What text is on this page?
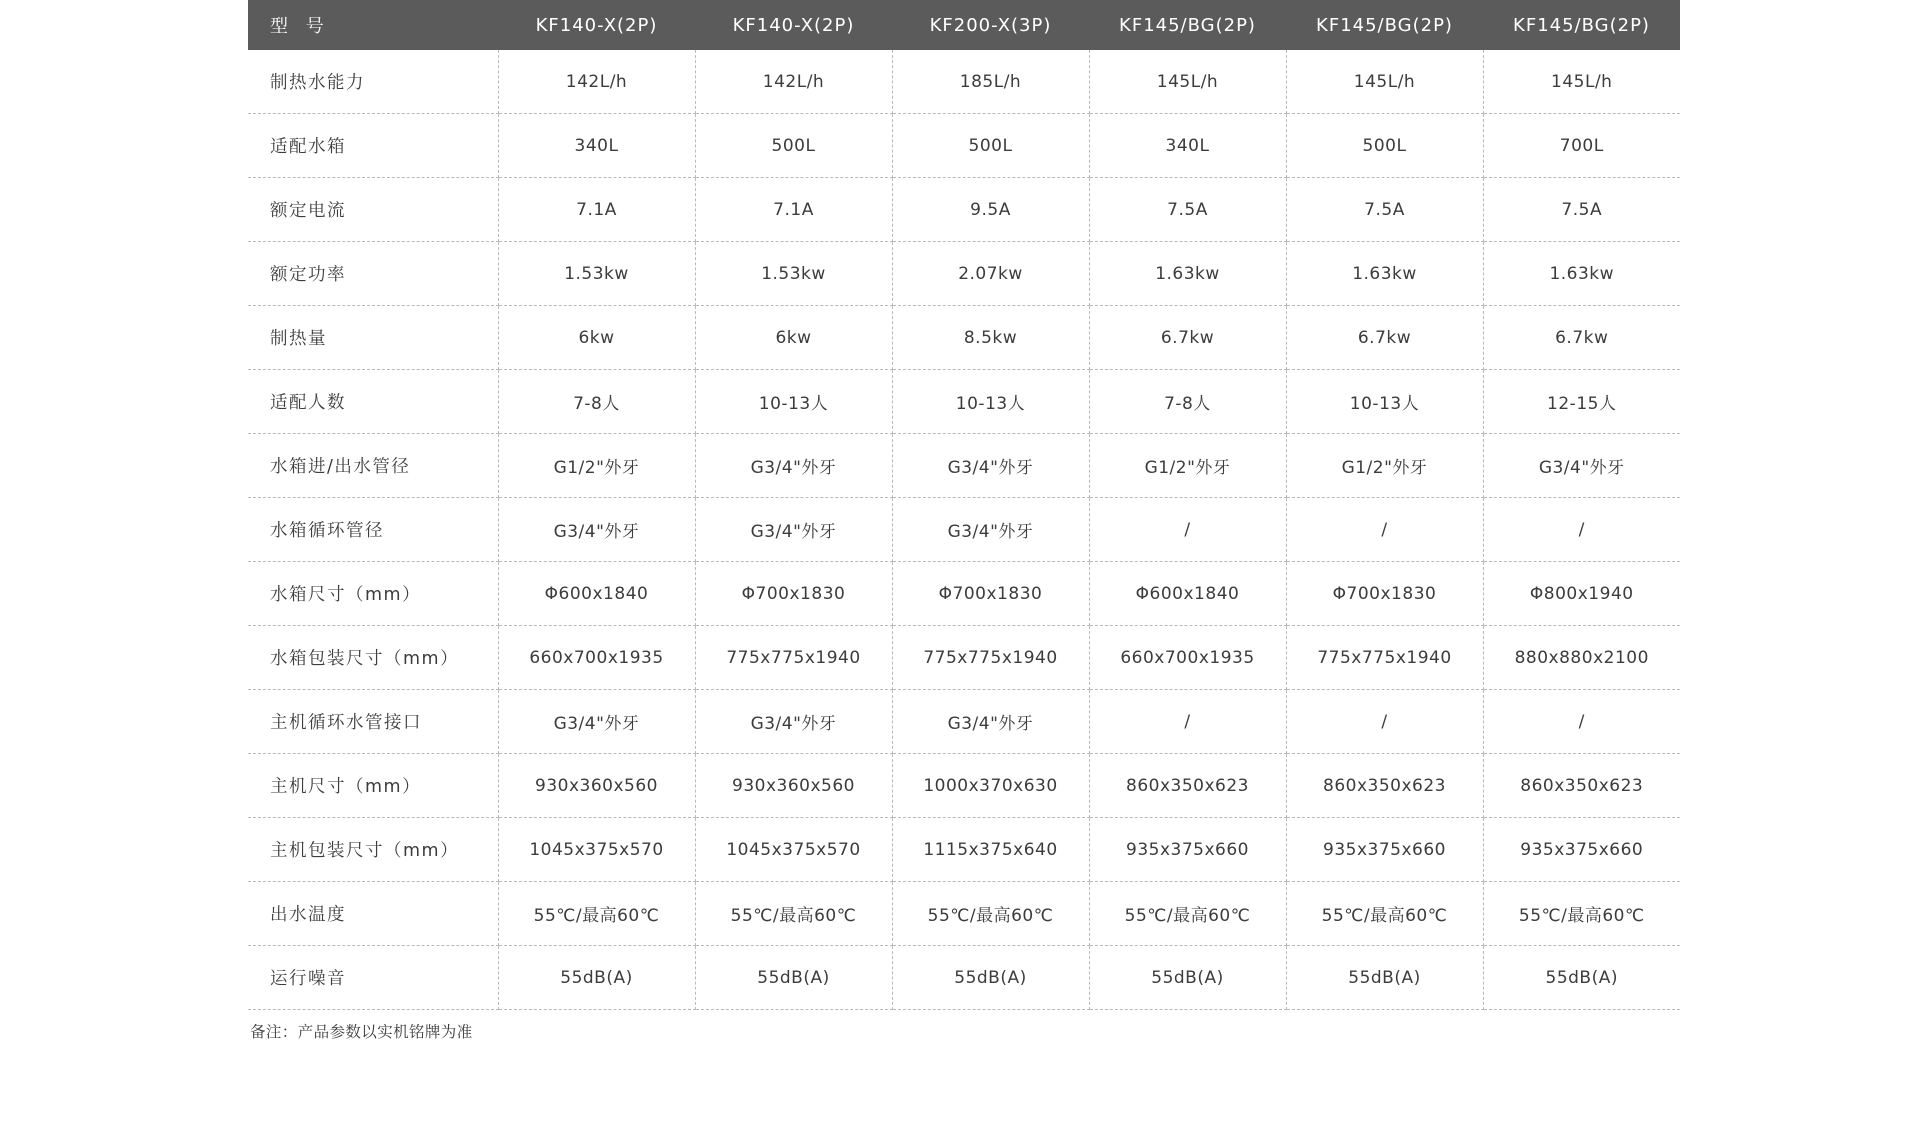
型 号	KF140-X(2P)	KF140-X(2P)	KF200-X(3P)	KF145/BG(2P)	KF145/BG(2P)	KF145/BG(2P)
制热水能力	142L/h	142L/h	185L/h	145L/h	145L/h	145L/h
适配水箱	340L	500L	500L	340L	500L	700L
额定电流	7.1A	7.1A	9.5A	7.5A	7.5A	7.5A
额定功率	1.53kw	1.53kw	2.07kw	1.63kw	1.63kw	1.63kw
制热量	6kw	6kw	8.5kw	6.7kw	6.7kw	6.7kw
适配人数	7-8人	10-13人	10-13人	7-8人	10-13人	12-15人
水箱进/出水管径	G1/2"外牙	G3/4"外牙	G3/4"外牙	G1/2"外牙	G1/2"外牙	G3/4"外牙
水箱循环管径	G3/4"外牙	G3/4"外牙	G3/4"外牙	/	/	/
水箱尺寸（mm）	Φ600x1840	Φ700x1830	Φ700x1830	Φ600x1840	Φ700x1830	Φ800x1940
水箱包装尺寸（mm）	660x700x1935	775x775x1940	775x775x1940	660x700x1935	775x775x1940	880x880x2100
主机循环水管接口	G3/4"外牙	G3/4"外牙	G3/4"外牙	/	/	/
主机尺寸（mm）	930x360x560	930x360x560	1000x370x630	860x350x623	860x350x623	860x350x623
主机包装尺寸（mm）	1045x375x570	1045x375x570	1115x375x640	935x375x660	935x375x660	935x375x660
出水温度	55℃/最高60℃	55℃/最高60℃	55℃/最高60℃	55℃/最高60℃	55℃/最高60℃	55℃/最高60℃
运行噪音	55dB(A)	55dB(A)	55dB(A)	55dB(A)	55dB(A)	55dB(A)
备注：产品参数以实机铭牌为准
